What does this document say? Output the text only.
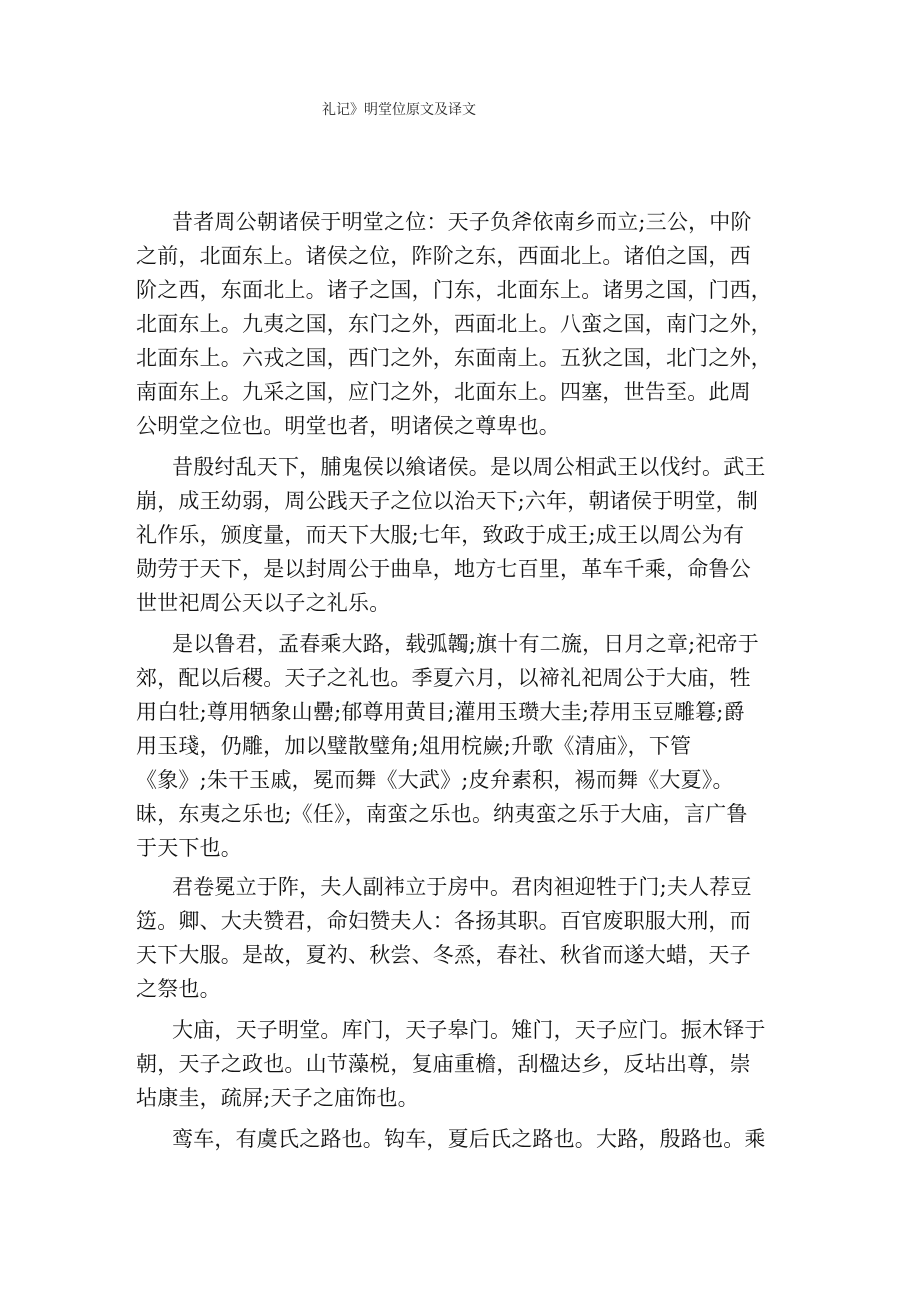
礼记》明堂位原文及译文
昔者周公朝诸侯于明堂之位：天子负斧依南乡而立;三公，中阶
之前，北面东上。诸侯之位，阼阶之东，西面北上。诸伯之国，西
阶之西，东面北上。诸子之国，门东，北面东上。诸男之国，门西，
北面东上。九夷之国，东门之外，西面北上。八蛮之国，南门之外，
北面东上。六戎之国，西门之外，东面南上。五狄之国，北门之外，
南面东上。九采之国，应门之外，北面东上。四塞，世告至。此周
公明堂之位也。明堂也者，明诸侯之尊卑也。
昔殷纣乱天下，脯鬼侯以飨诸侯。是以周公相武王以伐纣。武王
崩，成王幼弱，周公践天子之位以治天下;六年，朝诸侯于明堂，制
礼作乐，颁度量，而天下大服;七年，致政于成王;成王以周公为有
勋劳于天下，是以封周公于曲阜，地方七百里，革车千乘，命鲁公
世世祀周公天以子之礼乐。
是以鲁君，孟春乘大路，载弧韣;旗十有二旒，日月之章;祀帝于
郊，配以后稷。天子之礼也。季夏六月，以禘礼祀周公于大庙，牲
用白牡;尊用牺象山罍;郁尊用黄目;灌用玉瓒大圭;荐用玉豆雕篹;爵
用玉琖，仍雕，加以璧散璧角;俎用梡嶡;升歌《清庙》，下管
《象》;朱干玉戚，冕而舞《大武》;皮弁素积，裼而舞《大夏》。
昧，东夷之乐也;《任》，南蛮之乐也。纳夷蛮之乐于大庙，言广鲁
于天下也。
君卷冕立于阼，夫人副袆立于房中。君肉袒迎牲于门;夫人荐豆
笾。卿、大夫赞君，命妇赞夫人：各扬其职。百官废职服大刑，而
天下大服。是故，夏礿、秋尝、冬烝，春社、秋省而遂大蜡，天子
之祭也。
大庙，天子明堂。库门，天子皋门。雉门，天子应门。振木铎于
朝，天子之政也。山节藻棁，复庙重檐，刮楹达乡，反坫出尊，崇
坫康圭，疏屏;天子之庙饰也。
鸾车，有虞氏之路也。钩车，夏后氏之路也。大路，殷路也。乘
